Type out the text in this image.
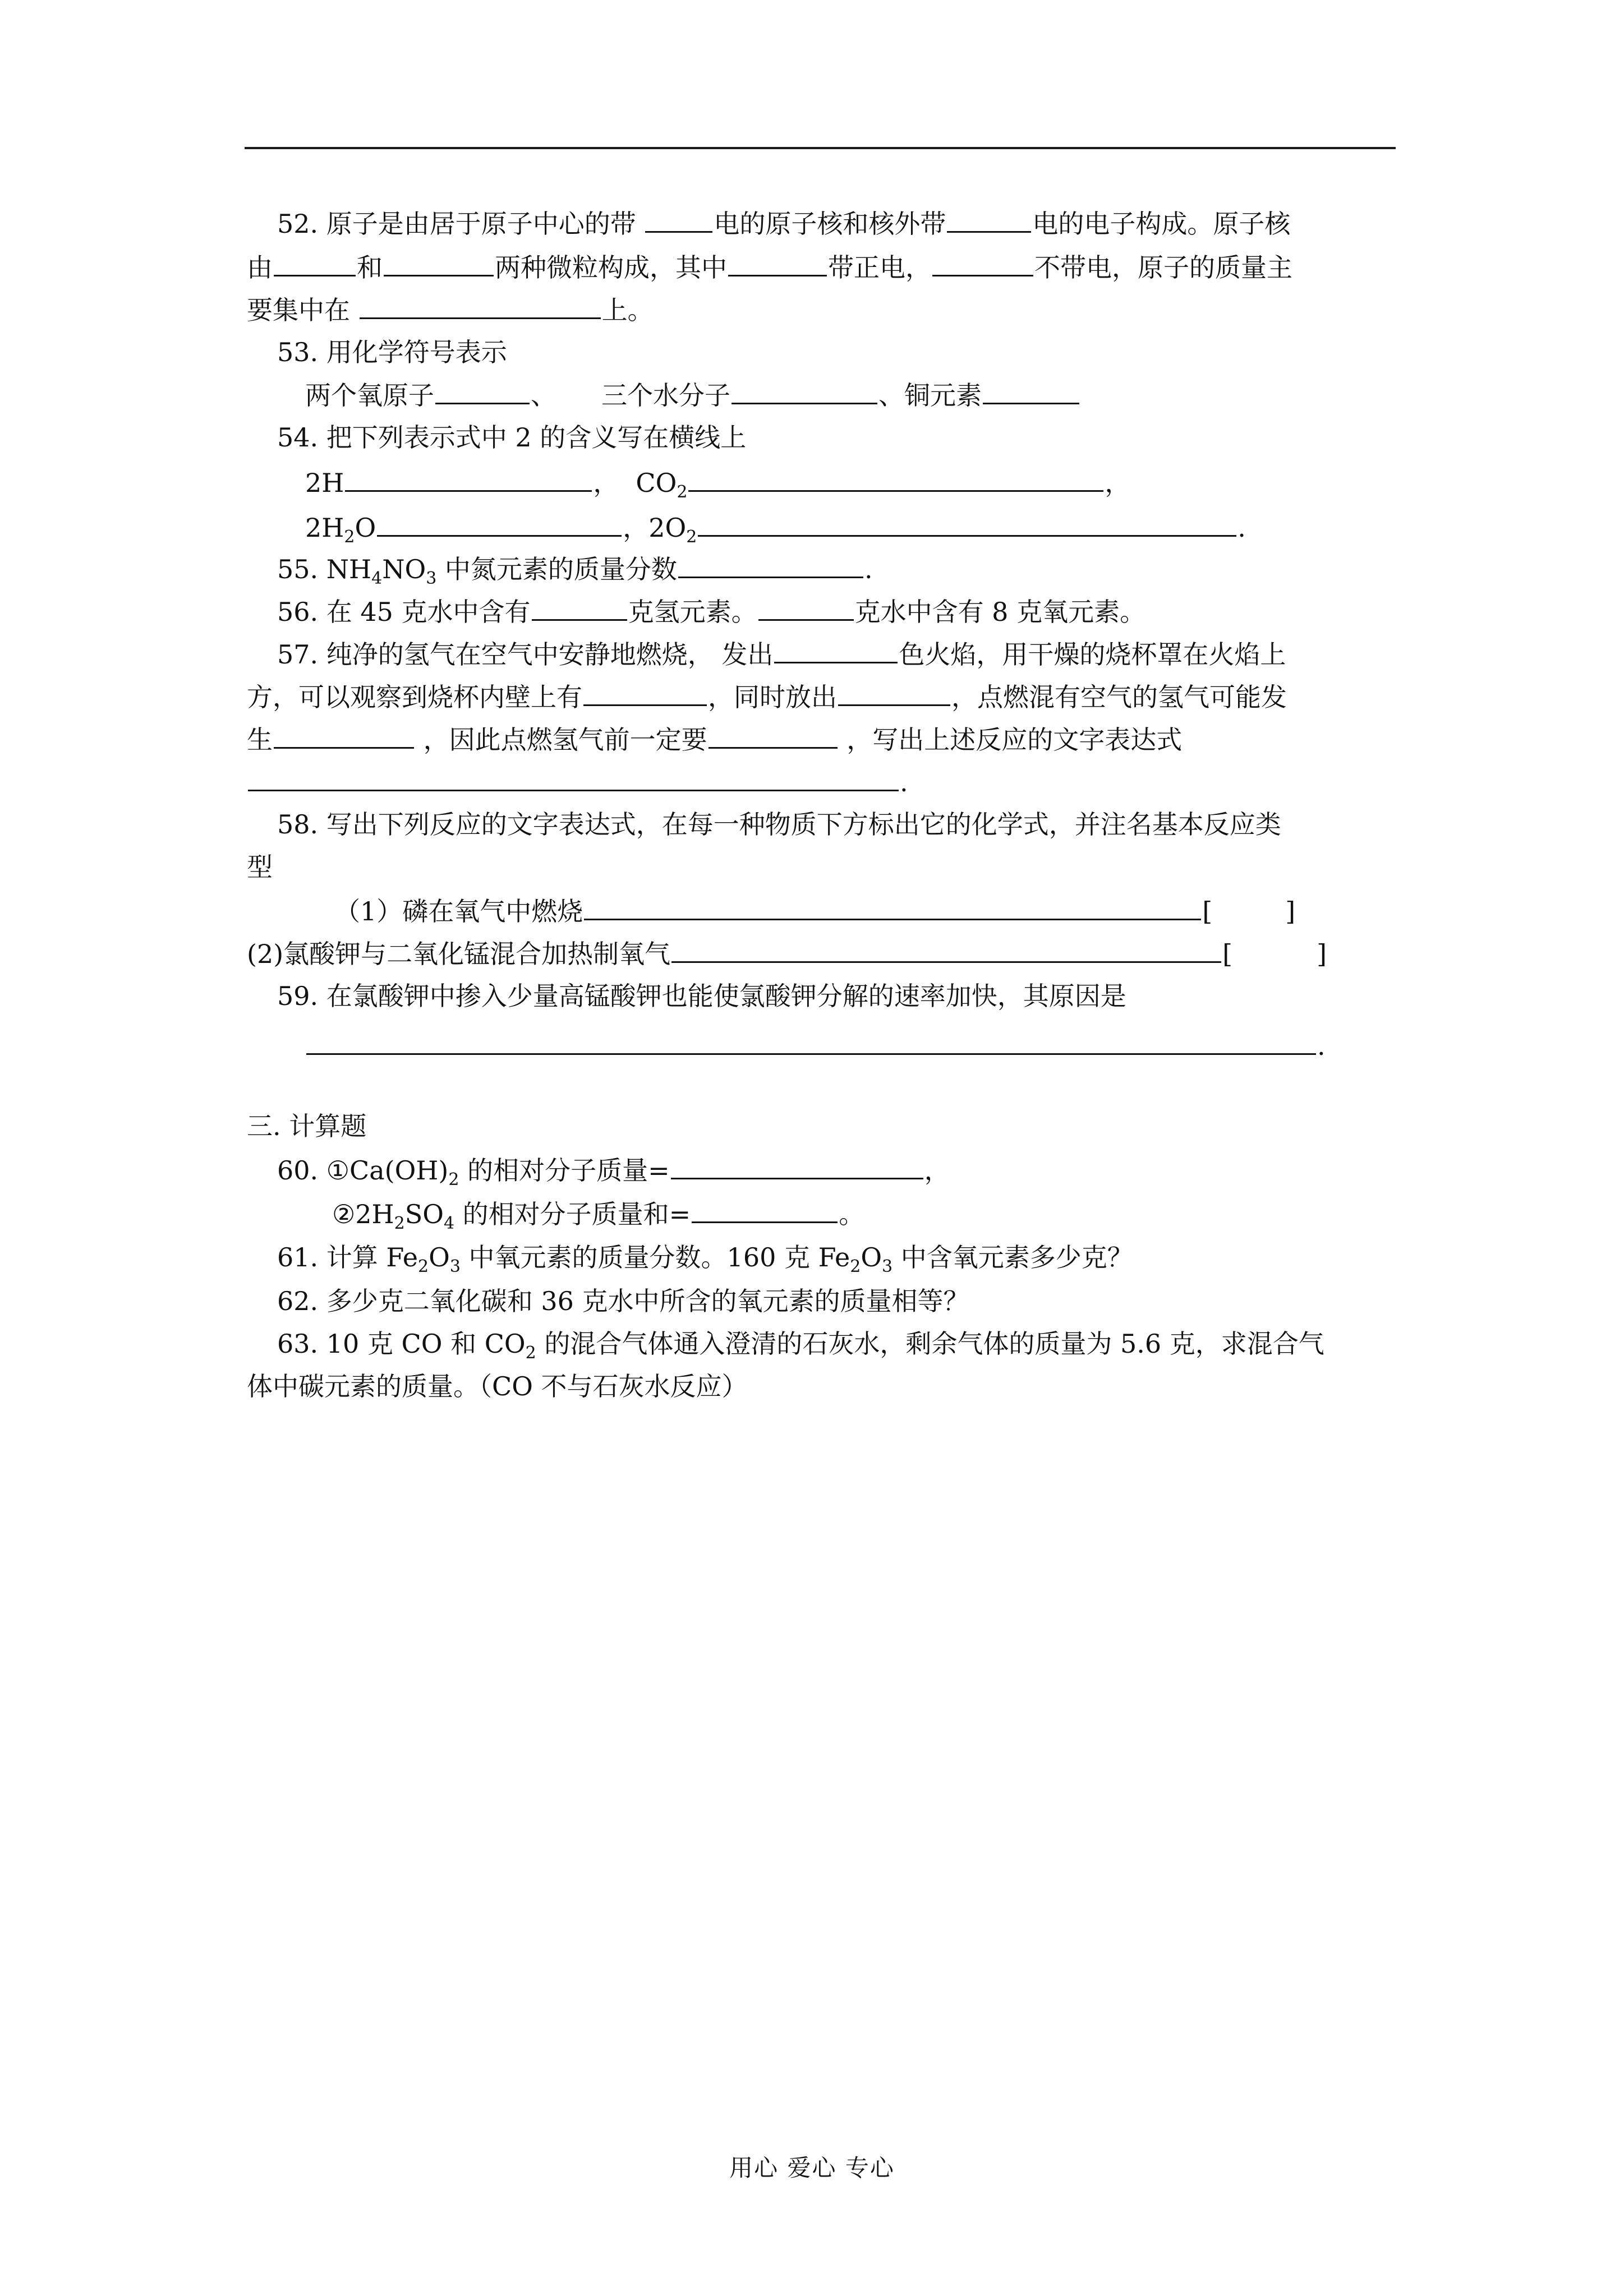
52. 原子是由居于原子中心的带	电的原子核和核外带	电的电子构成。原子核
由	和	两种微粒构成，其中	带正电，	不带电，原子的质量主
要集中在	上。
53. 用化学符号表示
两个氧原子	、 三个水分子	、铜元素
54. 把下列表示式中 2 的含义写在横线上
2H	， $CO_2$	，
$2H_2O$	，$2O_2$	.
55. $NH_4NO_3$ 中氮元素的质量分数	.
56. 在 45 克水中含有	克氢元素。	克水中含有 8 克氧元素。
57. 纯净的氢气在空气中安静地燃烧， 发出	色火焰，用干燥的烧杯罩在火焰上
方，可以观察到烧杯内壁上有	，同时放出	，点燃混有空气的氢气可能发
生	，因此点燃氢气前一定要	，写出上述反应的文字表达式
.
58. 写出下列反应的文字表达式，在每一种物质下方标出它的化学式，并注名基本反应类
型
（1）磷在氧气中燃烧	[	]
(2)氯酸钾与二氧化锰混合加热制氧气	[	]
59. 在氯酸钾中掺入少量高锰酸钾也能使氯酸钾分解的速率加快，其原因是
.
三. 计算题
60. $①Ca(OH)_2$ 的相对分子质量=	，
$②2H_2SO_4$ 的相对分子质量和=	。
61. 计算 $Fe_2O_3$ 中氧元素的质量分数。160 克 $Fe_2O_3$ 中含氧元素多少克？
62. 多少克二氧化碳和 36 克水中所含的氧元素的质量相等？
63. 10 克 CO 和 $CO_2$ 的混合气体通入澄清的石灰水，剩余气体的质量为 5.6 克，求混合气
体中碳元素的质量。（CO 不与石灰水反应）
用心 爱心 专心
